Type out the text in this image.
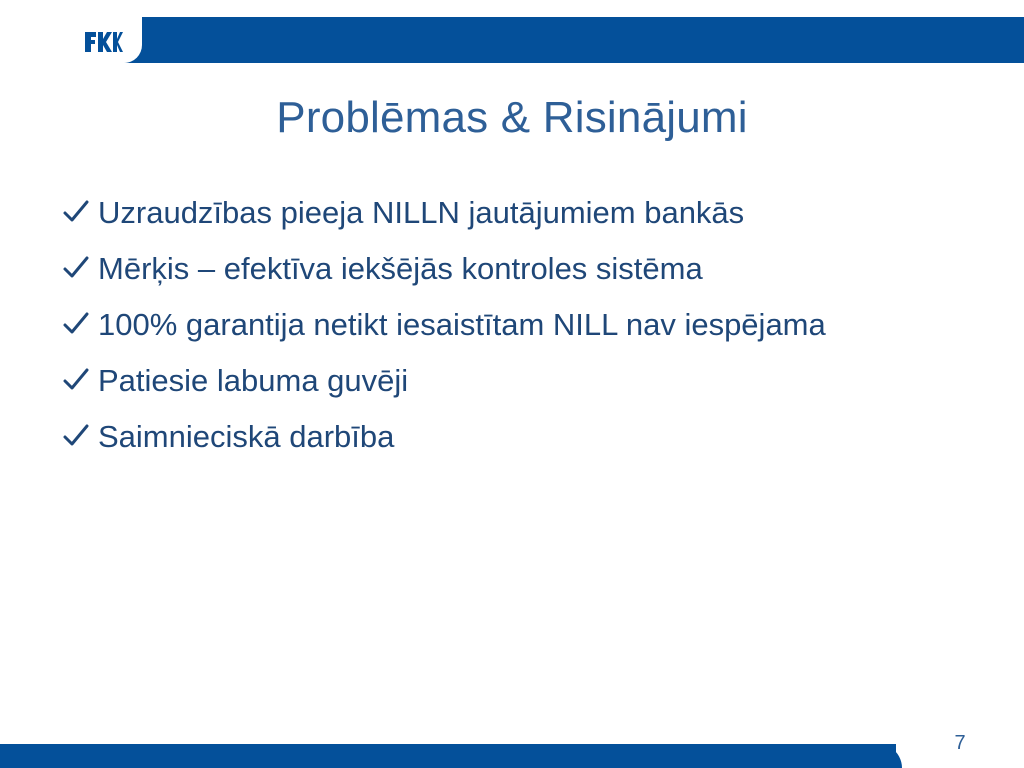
Problēmas & Risinājumi
Uzraudzības pieeja NILLN jautājumiem bankās
Mērķis – efektīva iekšējās kontroles sistēma
100% garantija netikt iesaistītam NILL nav iespējama
Patiesie labuma guvēji
Saimnieciskā darbība
7
